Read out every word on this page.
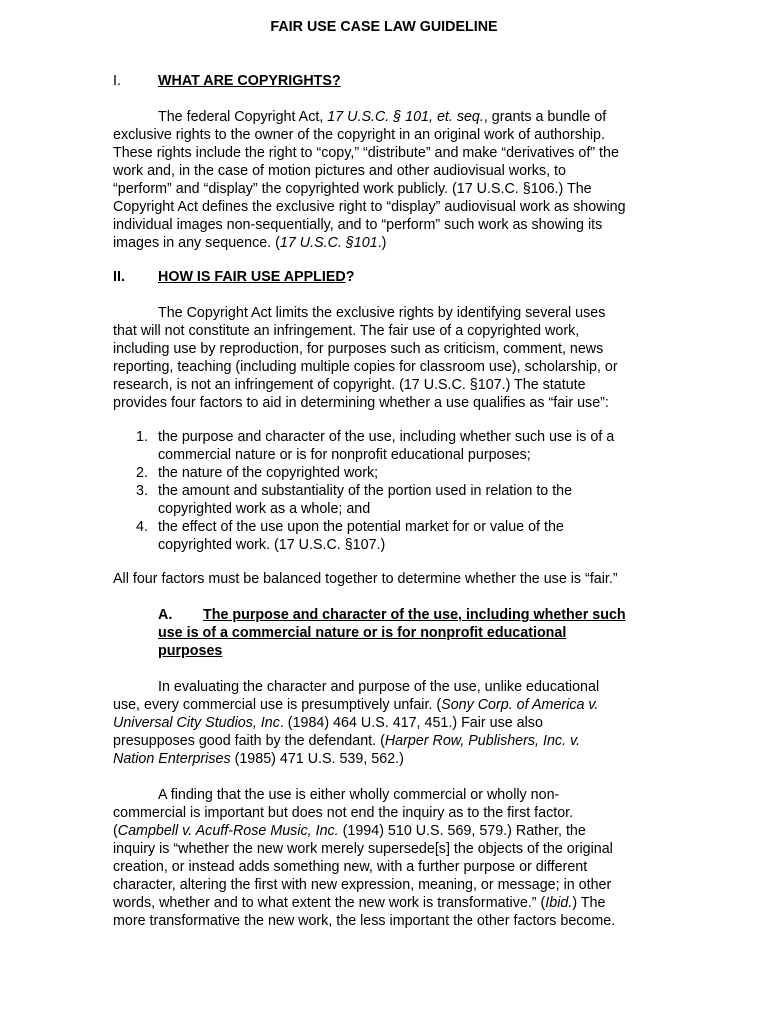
FAIR USE CASE LAW GUIDELINE
I.	WHAT ARE COPYRIGHTS?
The federal Copyright Act, 17 U.S.C. § 101, et. seq., grants a bundle of
exclusive rights to the owner of the copyright in an original work of authorship.
These rights include the right to “copy,” “distribute” and make “derivatives of” the
work and, in the case of motion pictures and other audiovisual works, to
“perform” and “display” the copyrighted work publicly. (17 U.S.C. §106.) The
Copyright Act defines the exclusive right to “display” audiovisual work as showing
individual images non-sequentially, and to “perform” such work as showing its
images in any sequence. (17 U.S.C. §101.)
II. HOW IS FAIR USE APPLIED?
The Copyright Act limits the exclusive rights by identifying several uses
that will not constitute an infringement. The fair use of a copyrighted work,
including use by reproduction, for purposes such as criticism, comment, news
reporting, teaching (including multiple copies for classroom use), scholarship, or
research, is not an infringement of copyright. (17 U.S.C. §107.) The statute
provides four factors to aid in determining whether a use qualifies as “fair use”:
1. the purpose and character of the use, including whether such use is of a
commercial nature or is for nonprofit educational purposes;
2. the nature of the copyrighted work;
3. the amount and substantiality of the portion used in relation to the
copyrighted work as a whole; and
4. the effect of the use upon the potential market for or value of the
copyrighted work. (17 U.S.C. §107.)
All four factors must be balanced together to determine whether the use is “fair.”
A. The purpose and character of the use, including whether such
use is of a commercial nature or is for nonprofit educational
purposes
In evaluating the character and purpose of the use, unlike educational
use, every commercial use is presumptively unfair. (Sony Corp. of America v.
Universal City Studios, Inc. (1984) 464 U.S. 417, 451.) Fair use also
presupposes good faith by the defendant. (Harper Row, Publishers, Inc. v.
Nation Enterprises (1985) 471 U.S. 539, 562.)
A finding that the use is either wholly commercial or wholly non-
commercial is important but does not end the inquiry as to the first factor.
(Campbell v. Acuff-Rose Music, Inc. (1994) 510 U.S. 569, 579.) Rather, the
inquiry is “whether the new work merely supersede[s] the objects of the original
creation, or instead adds something new, with a further purpose or different
character, altering the first with new expression, meaning, or message; in other
words, whether and to what extent the new work is transformative.” (Ibid.) The
more transformative the new work, the less important the other factors become.
